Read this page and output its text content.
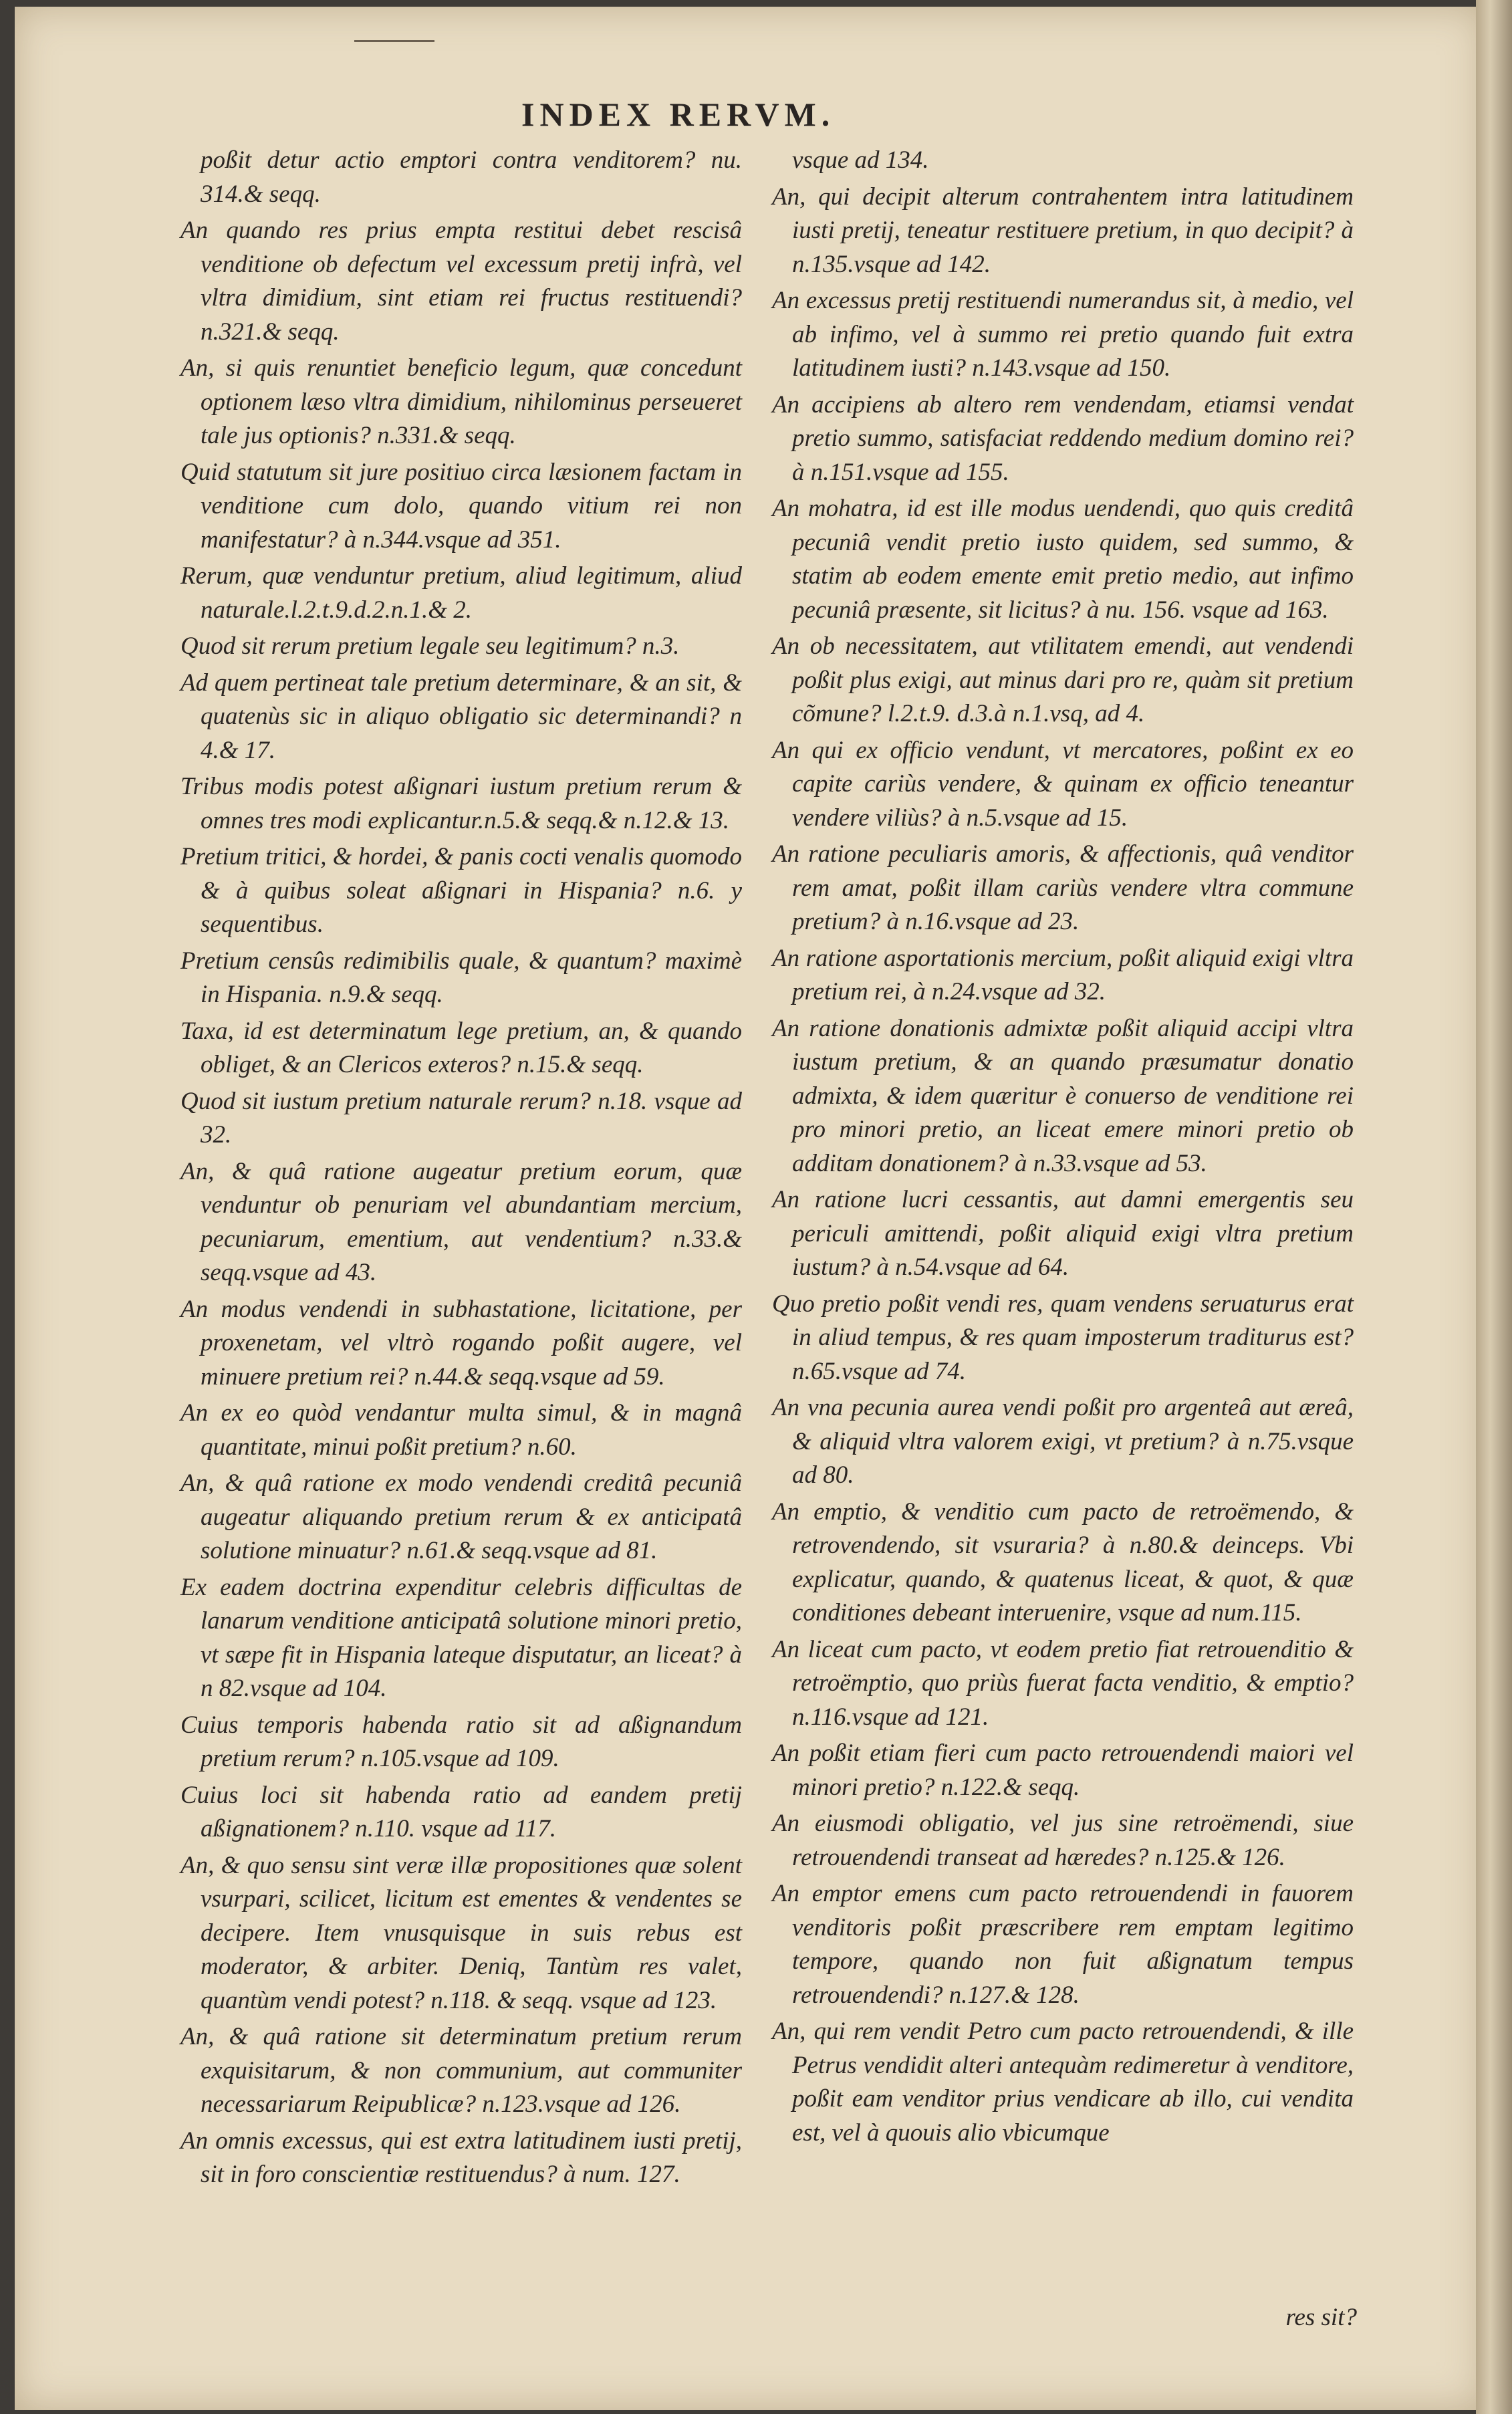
INDEX RERVM.

poßit detur actio emptori contra venditorem? nu. 314.& seqq.

An quando res prius empta restitui debet rescisâ venditione ob defectum vel excessum pretij infrà, vel vltra dimidium, sint etiam rei fructus restituendi? n.321.& seqq.

An, si quis renuntiet beneficio legum, quæ concedunt optionem læso vltra dimidium, nihilominus perseueret tale jus optionis? n.331.& seqq.

Quid statutum sit jure positiuo circa læsionem factam in venditione cum dolo, quando vitium rei non manifestatur? à n.344.vsque ad 351.

Rerum, quæ venduntur pretium, aliud legitimum, aliud naturale.l.2.t.9.d.2.n.1.& 2.

Quod sit rerum pretium legale seu legitimum? n.3.

Ad quem pertineat tale pretium determinare, & an sit, & quatenùs sic in aliquo obligatio sic determinandi? n 4.& 17.

Tribus modis potest aßignari iustum pretium rerum & omnes tres modi explicantur.n.5.& seqq.& n.12.& 13.

Pretium tritici, & hordei, & panis cocti venalis quomodo & à quibus soleat aßignari in Hispania? n.6. y sequentibus.

Pretium censûs redimibilis quale, & quantum? maximè in Hispania. n.9.& seqq.

Taxa, id est determinatum lege pretium, an, & quando obliget, & an Clericos exteros? n.15.& seqq.

Quod sit iustum pretium naturale rerum? n.18. vsque ad 32.

An, & quâ ratione augeatur pretium eorum, quæ venduntur ob penuriam vel abundantiam mercium, pecuniarum, ementium, aut vendentium? n.33.& seqq.vsque ad 43.

An modus vendendi in subhastatione, licitatione, per proxenetam, vel vltrò rogando poßit augere, vel minuere pretium rei? n.44.& seqq.vsque ad 59.

An ex eo quòd vendantur multa simul, & in magnâ quantitate, minui poßit pretium? n.60.

An, & quâ ratione ex modo vendendi creditâ pecuniâ augeatur aliquando pretium rerum & ex anticipatâ solutione minuatur? n.61.& seqq.vsque ad 81.

Ex eadem doctrina expenditur celebris difficultas de lanarum venditione anticipatâ solutione minori pretio, vt sæpe fit in Hispania lateque disputatur, an liceat? à n 82.vsque ad 104.

Cuius temporis habenda ratio sit ad aßignandum pretium rerum? n.105.vsque ad 109.

Cuius loci sit habenda ratio ad eandem pretij aßignationem? n.110. vsque ad 117.

An, & quo sensu sint veræ illæ propositiones quæ solent vsurpari, scilicet, licitum est ementes & vendentes se decipere. Item vnusquisque in suis rebus est moderator, & arbiter. Deniq, Tantùm res valet, quantùm vendi potest? n.118. & seqq. vsque ad 123.

An, & quâ ratione sit determinatum pretium rerum exquisitarum, & non communium, aut communiter necessariarum Reipublicæ? n.123.vsque ad 126.

An omnis excessus, qui est extra latitudinem iusti pretij, sit in foro conscientiæ restituendus? à num. 127.

vsque ad 134.

An, qui decipit alterum contrahentem intra latitudinem iusti pretij, teneatur restituere pretium, in quo decipit? à n.135.vsque ad 142.

An excessus pretij restituendi numerandus sit, à medio, vel ab infimo, vel à summo rei pretio quando fuit extra latitudinem iusti? n.143.vsque ad 150.

An accipiens ab altero rem vendendam, etiamsi vendat pretio summo, satisfaciat reddendo medium domino rei? à n.151.vsque ad 155.

An mohatra, id est ille modus uendendi, quo quis creditâ pecuniâ vendit pretio iusto quidem, sed summo, & statim ab eodem emente emit pretio medio, aut infimo pecuniâ præsente, sit licitus? à nu. 156. vsque ad 163.

An ob necessitatem, aut vtilitatem emendi, aut vendendi poßit plus exigi, aut minus dari pro re, quàm sit pretium cõmune? l.2.t.9. d.3.à n.1.vsq, ad 4.

An qui ex officio vendunt, vt mercatores, poßint ex eo capite cariùs vendere, & quinam ex officio teneantur vendere viliùs? à n.5.vsque ad 15.

An ratione peculiaris amoris, & affectionis, quâ venditor rem amat, poßit illam cariùs vendere vltra commune pretium? à n.16.vsque ad 23.

An ratione asportationis mercium, poßit aliquid exigi vltra pretium rei, à n.24.vsque ad 32.

An ratione donationis admixtæ poßit aliquid accipi vltra iustum pretium, & an quando præsumatur donatio admixta, & idem quæritur è conuerso de venditione rei pro minori pretio, an liceat emere minori pretio ob additam donationem? à n.33.vsque ad 53.

An ratione lucri cessantis, aut damni emergentis seu periculi amittendi, poßit aliquid exigi vltra pretium iustum? à n.54.vsque ad 64.

Quo pretio poßit vendi res, quam vendens seruaturus erat in aliud tempus, & res quam imposterum traditurus est? n.65.vsque ad 74.

An vna pecunia aurea vendi poßit pro argenteâ aut æreâ, & aliquid vltra valorem exigi, vt pretium? à n.75.vsque ad 80.

An emptio, & venditio cum pacto de retroëmendo, & retrovendendo, sit vsuraria? à n.80.& deinceps. Vbi explicatur, quando, & quatenus liceat, & quot, & quæ conditiones debeant interuenire, vsque ad num.115.

An liceat cum pacto, vt eodem pretio fiat retrouenditio & retroëmptio, quo priùs fuerat facta venditio, & emptio? n.116.vsque ad 121.

An poßit etiam fieri cum pacto retrouendendi maiori vel minori pretio? n.122.& seqq.

An eiusmodi obligatio, vel jus sine retroëmendi, siue retrouendendi transeat ad hæredes? n.125.& 126.

An emptor emens cum pacto retrouendendi in fauorem venditoris poßit præscribere rem emptam legitimo tempore, quando non fuit aßignatum tempus retrouendendi? n.127.& 128.

An, qui rem vendit Petro cum pacto retrouendendi, & ille Petrus vendidit alteri antequàm redimeretur à venditore, poßit eam venditor prius vendicare ab illo, cui vendita est, vel à quouis alio vbicumque

res sit?
